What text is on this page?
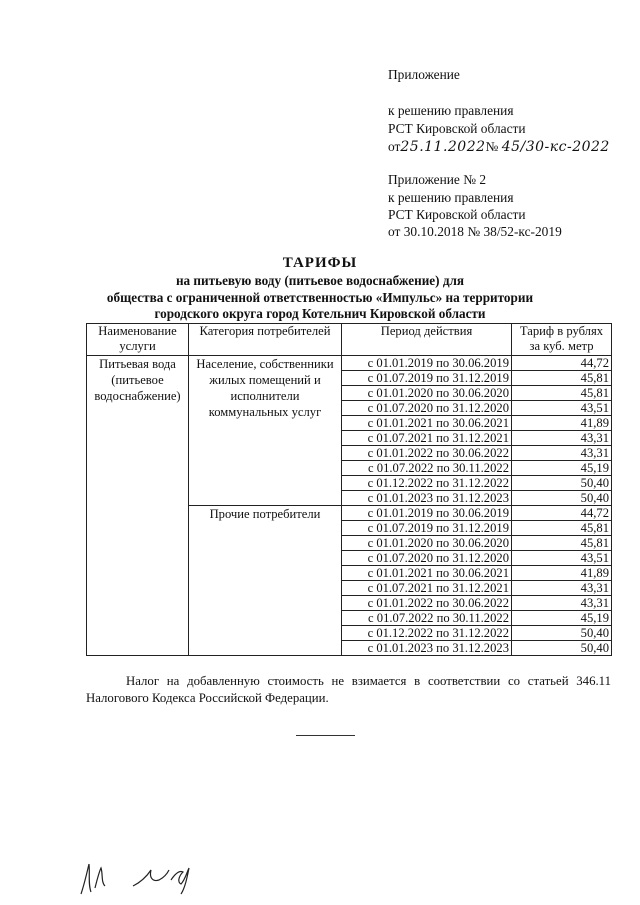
Приложение
к решению правления
РСТ Кировской области
от25.11.2022№ 45/30-кс-2022
Приложение № 2
к решению правления
РСТ Кировской области
от 30.10.2018 № 38/52-кс-2019
ТАРИФЫ
на питьевую воду (питьевое водоснабжение) для
общества с ограниченной ответственностью «Импульс» на территории
городского округа город Котельнич Кировской области
Наименование услуги	Категория потребителей	Период действия	Тариф в рублях за куб. метр
Питьевая вода (питьевое водоснабжение)	Население, собственники жилых помещений и исполнители коммунальных услуг	с 01.01.2019 по 30.06.2019	44,72
		с 01.07.2019 по 31.12.2019	45,81
		с 01.01.2020 по 30.06.2020	45,81
		с 01.07.2020 по 31.12.2020	43,51
		с 01.01.2021 по 30.06.2021	41,89
		с 01.07.2021 по 31.12.2021	43,31
		с 01.01.2022 по 30.06.2022	43,31
		с 01.07.2022 по 30.11.2022	45,19
		с 01.12.2022 по 31.12.2022	50,40
		с 01.01.2023 по 31.12.2023	50,40
	Прочие потребители	с 01.01.2019 по 30.06.2019	44,72
		с 01.07.2019 по 31.12.2019	45,81
		с 01.01.2020 по 30.06.2020	45,81
		с 01.07.2020 по 31.12.2020	43,51
		с 01.01.2021 по 30.06.2021	41,89
		с 01.07.2021 по 31.12.2021	43,31
		с 01.01.2022 по 30.06.2022	43,31
		с 01.07.2022 по 30.11.2022	45,19
		с 01.12.2022 по 31.12.2022	50,40
		с 01.01.2023 по 31.12.2023	50,40
Налог на добавленную стоимость не взимается в соответствии со статьей 346.11 Налогового Кодекса Российской Федерации.
